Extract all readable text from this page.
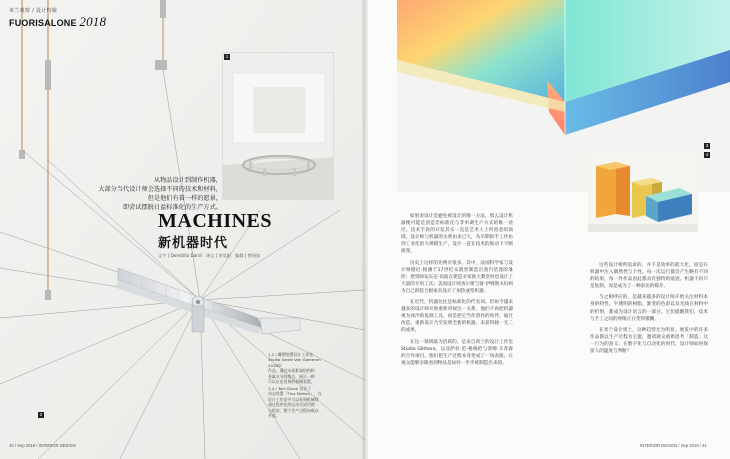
米兰观察 / 设计特辑
FUORISALONE 2018
1
从物品设计到制作机器，
大部分当代设计师会选择不同的技术和材料，
但是他们有着一样的愿景，
即尝试摆脱日益标准化的生产方式。
MACHINES
新机器时代
文字 | Domitilla Dardi　译文 | 李昊阳　编辑 | 曾诣容
1,2 / 雕塑装置设计工作室
Studio Sarah Van Gameren 2018年
作品，通过木质框架结构和
金属关节的组合，展示一种
可以自由延伸的机械装置。
3,4 / Tom Dixon 设计了
动态装置「Flux Motion」，在
设计工作室中可以看到机械臂
通过程序化的运动完成切割
与组装，整个生产过程向观众
开放。
2
40 / Sep 2018 / INTERIOR DESIGN
3
4

如果说设计是避免被设计的唯一方法，那么设计机器便可能是创造非标准化与非单调生产方式的唯一途径。技术手段的开发其实一直是艺术人士所留意的领域。设计师与机器的关系由来已久，从早期的手工作坊到工业化的大规模生产，设计一直在技术的推动下不断演变。

历史上这样的先例有很多。其中，法国科学家与设计师德尼·帕潘于17世纪末就曾制造出蒸汽装置的雏形；建筑师安东尼·高迪在建造圣家族大教堂时也设计了大量的专用工具；美国设计师查尔斯与蕾·伊姆斯夫妇则为自己的胶合板家具设计了加热成型机器。

在近代，机器往往是标准化的代名词。但如今越来越多的设计师开始重新审视这一关系，他们不再把机器视为冰冷的复制工具，而是把它当作创作的伙伴，通过改造、重新设计乃至发明全新的机器，来获得独一无二的成果。

在这一领域最为活跃的，是来自荷兰的设计工作室Studio Glithero，以及萨拉·范·格梅伦与蒂姆·辛普森的合作项目。他们把生产过程本身变成了一场表演，让观众能够亲眼看到物品是如何一步步被制造出来的。

这些设计师所追求的，并不是效率的最大化，而是在机器中注入偶然性与个性。每一次运行都会产生略有不同的结果，每一件作品因此都具有独特的痕迹。机器不再只是复制，而是成为了一种表达的媒介。

与之相呼应的，是越来越多的设计师开始关注材料本身的特性。半透明的树脂、渐变的色彩以及光线在材料中的折射，都成为设计语言的一部分。它们提醒我们，技术与手工之间的界限正在变得模糊。

在米兰设计周上，这种趋势尤为明显。展览中的许多作品都以生产过程为主题，邀请观众重新思考「制造」这一行为的意义：在数字化与自动化的时代，设计师如何保留人的温度与判断？

INTERIOR DESIGN / Sep 2018 / 41
